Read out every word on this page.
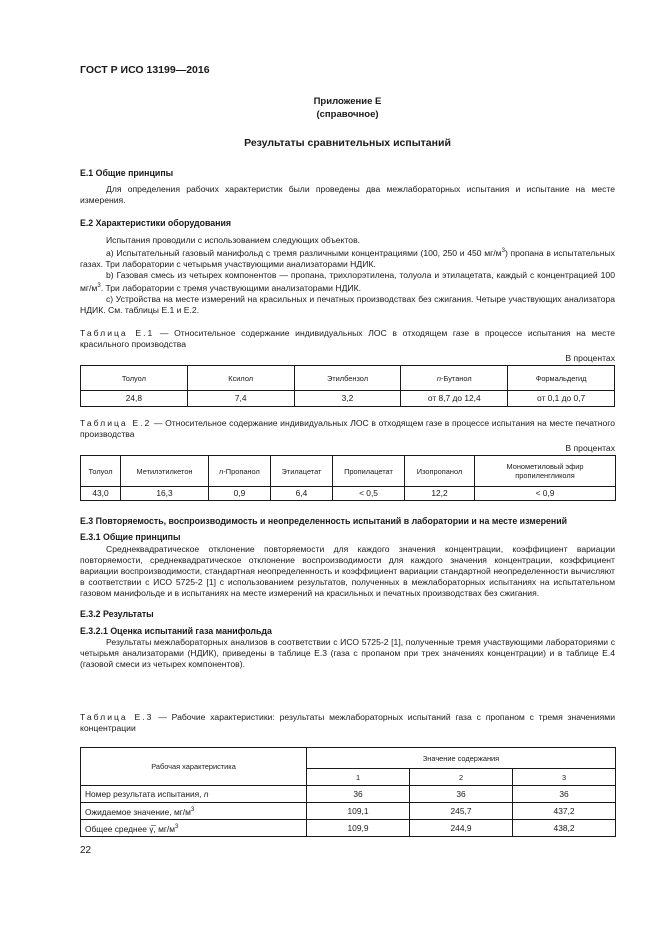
ГОСТ Р ИСО 13199—2016
Приложение Е
(справочное)
Результаты сравнительных испытаний
Е.1 Общие принципы
Для определения рабочих характеристик были проведены два межлабораторных испытания и испытание на месте измерения.
Е.2 Характеристики оборудования
Испытания проводили с использованием следующих объектов.
а) Испытательный газовый манифольд с тремя различными концентрациями (100, 250 и 450 $мг/м^3$) пропана в испытательных газах. Три лаборатории с четырьмя участвующими анализаторами НДИК.
b) Газовая смесь из четырех компонентов — пропана, трихлорэтилена, толуола и этилацетата, каждый с концентрацией 100 $мг/м^3$. Три лаборатории с тремя участвующими анализаторами НДИК.
с) Устройства на месте измерений на красильных и печатных производствах без сжигания. Четыре участвующих анализатора НДИК. См. таблицы Е.1 и Е.2.
Таблица Е.1 — Относительное содержание индивидуальных ЛОС в отходящем газе в процессе испытания на месте красильного производства
В процентах
Толуол	Ксилол	Этилбензол	n-Бутанол	Формальдегид
24,8	7,4	3,2	от 8,7 до 12,4	от 0,1 до 0,7
Таблица Е.2 — Относительное содержание индивидуальных ЛОС в отходящем газе в процессе испытания на месте печатного производства
В процентах
Толуол	Метилэтилкетон	n-Пропанол	Этилацетат	Пропилацетат	Изопропанол	Монометиловый эфир пропиленгликоля
43,0	16,3	0,9	6,4	< 0,5	12,2	< 0,9
Е.3 Повторяемость, воспроизводимость и неопределенность испытаний в лаборатории и на месте измерений
Е.3.1 Общие принципы
Среднеквадратическое отклонение повторяемости для каждого значения концентрации, коэффициент вариации повторяемости, среднеквадратическое отклонение воспроизводимости для каждого значения концентрации, коэффициент вариации воспроизводимости, стандартная неопределенность и коэффициент вариации стандартной неопределенности вычисляют в соответствии с ИСО 5725-2 [1] с использованием результатов, полученных в межлабораторных испытаниях на испытательном газовом манифольде и в испытаниях на месте измерений на красильных и печатных производствах без сжигания.
Е.3.2 Результаты
Е.3.2.1 Оценка испытаний газа манифольда
Результаты межлабораторных анализов в соответствии с ИСО 5725-2 [1], полученные тремя участвующими лабораториями с четырьмя анализаторами (НДИК), приведены в таблице Е.3 (газа с пропаном при трех значениях концентрации) и в таблице Е.4 (газовой смеси из четырех компонентов).
Таблица Е.3 — Рабочие характеристики: результаты межлабораторных испытаний газа с пропаном с тремя значениями концентрации
Рабочая характеристика	Значение содержания		
	1	2	3
Номер результата испытания, n	36	36	36
Ожидаемое значение, $мг/м^3$	109,1	245,7	437,2
Общее среднее γ̅, $мг/м^3$	109,9	244,9	438,2
22
